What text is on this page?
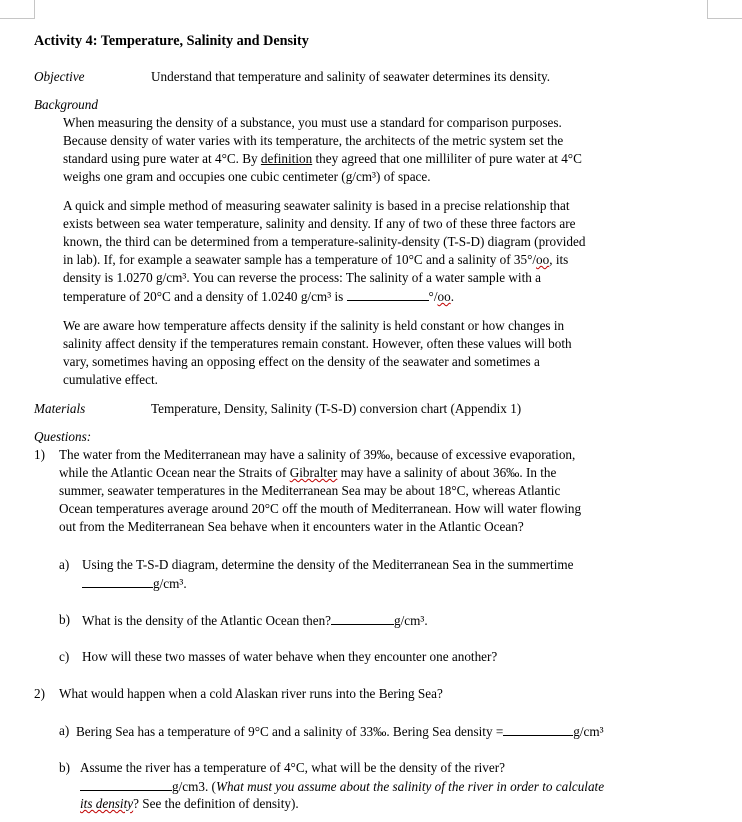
Activity 4: Temperature, Salinity and Density
Objective	Understand that temperature and salinity of seawater determines its density.
Background

When measuring the density of a substance, you must use a standard for comparison purposes.

Because density of water varies with its temperature, the architects of the metric system set the

standard using pure water at 4°C. By definition they agreed that one milliliter of pure water at 4°C

weighs one gram and occupies one cubic centimeter (g/cm³) of space.

A quick and simple method of measuring seawater salinity is based in a precise relationship that

exists between sea water temperature, salinity and density. If any of two of these three factors are

known, the third can be determined from a temperature-salinity-density (T-S-D) diagram (provided

in lab). If, for example a seawater sample has a temperature of 10°C and a salinity of 35°/oo, its

density is 1.0270 g/cm³. You can reverse the process: The salinity of a water sample with a

temperature of 20°C and a density of 1.0240 g/cm³ is	°/oo.

We are aware how temperature affects density if the salinity is held constant or how changes in

salinity affect density if the temperatures remain constant. However, often these values will both

vary, sometimes having an opposing effect on the density of the seawater and sometimes a

cumulative effect.

Materials	Temperature, Density, Salinity (T-S-D) conversion chart (Appendix 1)
Questions:
1) The water from the Mediterranean may have a salinity of 39‰, because of excessive evaporation,

while the Atlantic Ocean near the Straits of Gibralter may have a salinity of about 36‰. In the

summer, seawater temperatures in the Mediterranean Sea may be about 18°C, whereas Atlantic

Ocean temperatures average around 20°C off the mouth of Mediterranean. How will water flowing

out from the Mediterranean Sea behave when it encounters water in the Atlantic Ocean?

a) Using the T-S-D diagram, determine the density of the Mediterranean Sea in the summertime
g/cm³.
b) What is the density of the Atlantic Ocean then?	g/cm³.
c) How will these two masses of water behave when they encounter one another?
2) What would happen when a cold Alaskan river runs into the Bering Sea?
a) Bering Sea has a temperature of 9°C and a salinity of 33‰. Bering Sea density =	g/cm³
b) Assume the river has a temperature of 4°C, what will be the density of the river?
g/cm3. (What must you assume about the salinity of the river in order to calculate
its density? See the definition of density).
